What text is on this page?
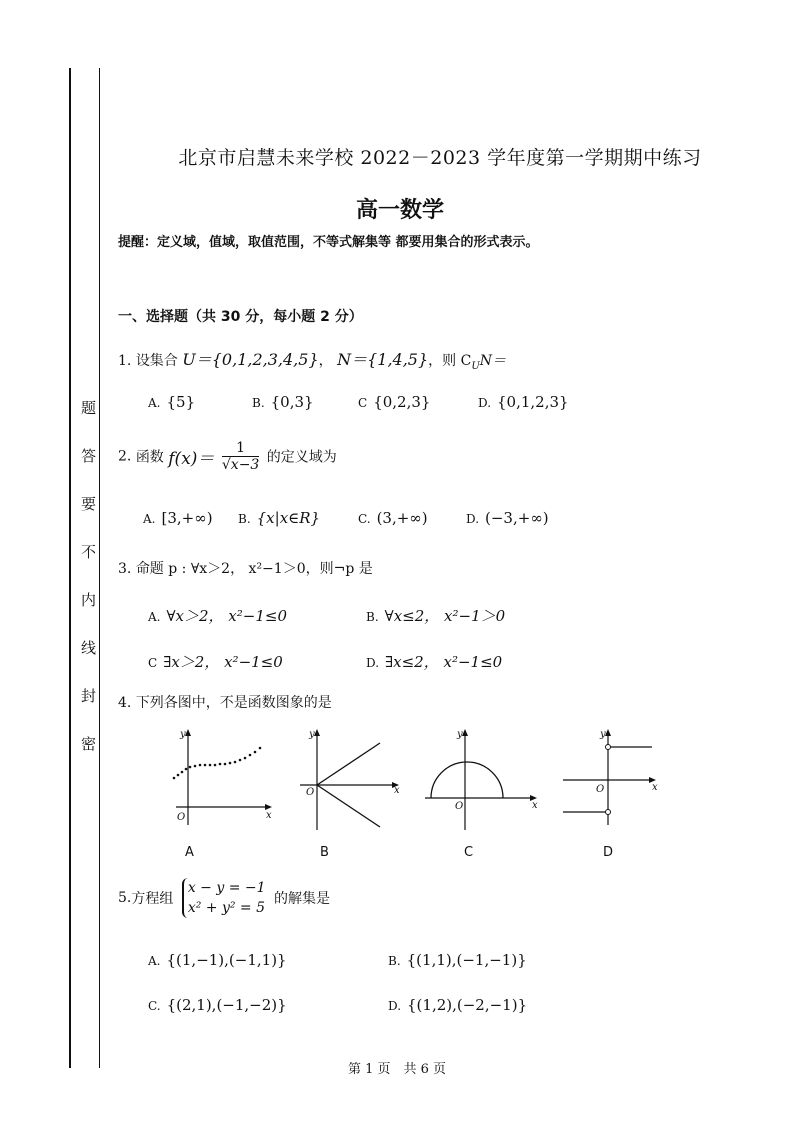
题
答
要
不
内
线
封
密
北京市启慧未来学校 2022－2023 学年度第一学期期中练习
高一数学
提醒：定义域，值域，取值范围，不等式解集等 都要用集合的形式表示。
一、选择题（共 30 分，每小题 2 分）
1. 设集合 U＝{0,1,2,3,4,5}， N＝{1,4,5}，则 $C_UN=$
A. {5}	B. {0,3}	C {0,2,3}	D. {0,1,2,3}
2. 函数 $f(x)= \frac{1}{√x-3}$ 的定义域为
A. [3,+∞) B. {x|x∈R}	C. (3,+∞)	D. (−3,+∞)
3. 命题 p : ∀x＞2， x²−1＞0，则¬p 是
A. ∀x＞2， x²−1≤0	B. ∀x≤2， x²−1＞0
C ∃x＞2， x²−1≤0	D. ∃x≤2， x²−1≤0
4. 下列各图中，不是函数图象的是
y
x
O
A
y
x
O
B
y
x
O
C
y
x
O
D
5.方程组
x − y = −1
x² + y² = 5
的解集是
A. {(1,−1),(−1,1)}	B. {(1,1),(−1,−1)}
C. {(2,1),(−1,−2)}	D. {(1,2),(−2,−1)}
第 1 页　共 6 页
